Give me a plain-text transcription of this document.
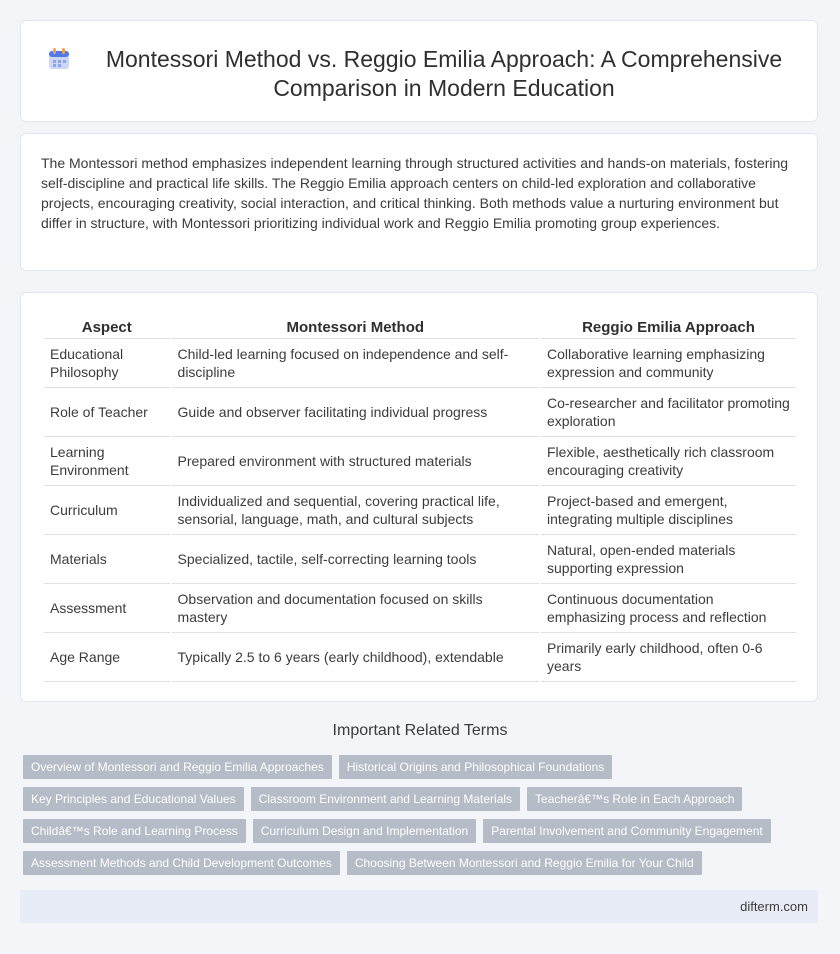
Montessori Method vs. Reggio Emilia Approach: A Comprehensive Comparison in Modern Education

The Montessori method emphasizes independent learning through structured activities and hands-on materials, fostering self-discipline and practical life skills. The Reggio Emilia approach centers on child-led exploration and collaborative projects, encouraging creativity, social interaction, and critical thinking. Both methods value a nurturing environment but differ in structure, with Montessori prioritizing individual work and Reggio Emilia promoting group experiences.

Aspect	Montessori Method	Reggio Emilia Approach
Educational Philosophy	Child-led learning focused on independence and self-discipline	Collaborative learning emphasizing expression and community
Role of Teacher	Guide and observer facilitating individual progress	Co-researcher and facilitator promoting exploration
Learning Environment	Prepared environment with structured materials	Flexible, aesthetically rich classroom encouraging creativity
Curriculum	Individualized and sequential, covering practical life, sensorial, language, math, and cultural subjects	Project-based and emergent, integrating multiple disciplines
Materials	Specialized, tactile, self-correcting learning tools	Natural, open-ended materials supporting expression
Assessment	Observation and documentation focused on skills mastery	Continuous documentation emphasizing process and reflection
Age Range	Typically 2.5 to 6 years (early childhood), extendable	Primarily early childhood, often 0-6 years
Important Related Terms
Overview of Montessori and Reggio Emilia Approaches	Historical Origins and Philosophical Foundations
Key Principles and Educational Values	Classroom Environment and Learning Materials	Teacherâ€™s Role in Each Approach
Childâ€™s Role and Learning Process	Curriculum Design and Implementation	Parental Involvement and Community Engagement
Assessment Methods and Child Development Outcomes	Choosing Between Montessori and Reggio Emilia for Your Child
difterm.com
